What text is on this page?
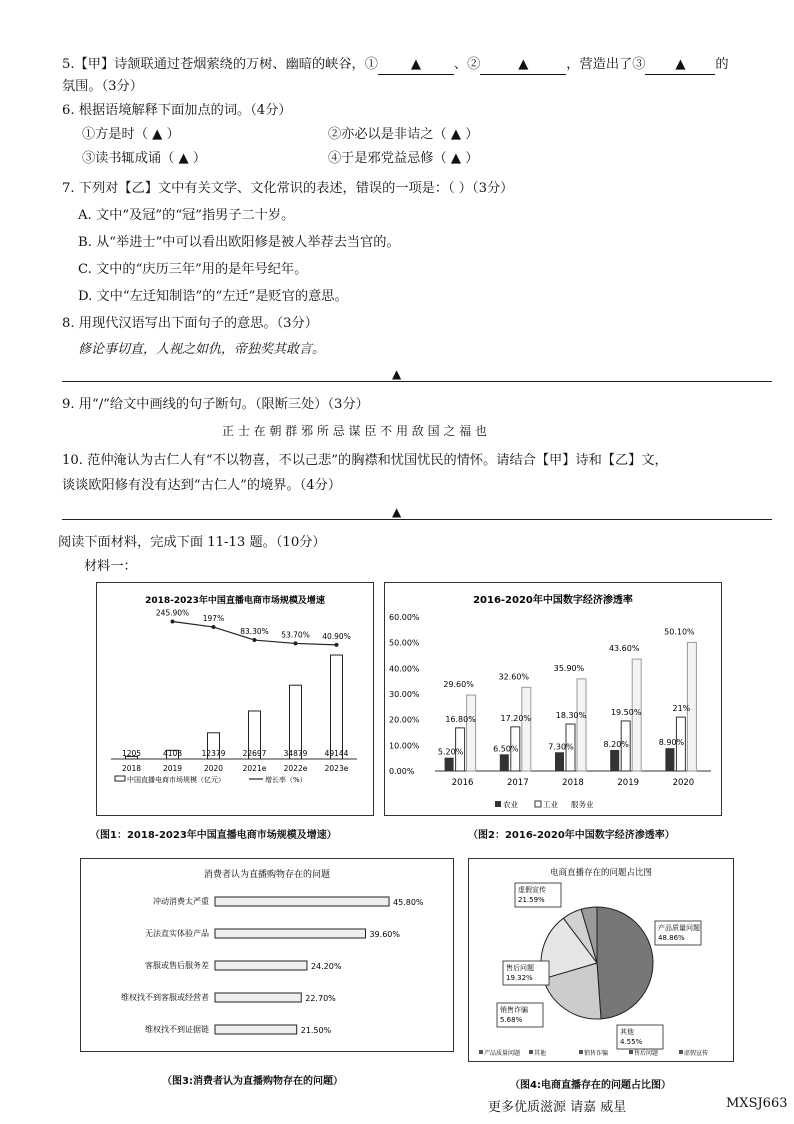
5.【甲】诗颔联通过苍烟萦绕的万树、幽暗的峡谷，① ▲ 、②	▲	，营造出了③ ▲ 的
氛围。（3分）
6. 根据语境解释下面加点的词。（4分）
①方是时（ ▲ ）	②亦必以是非诘之（ ▲ ）
③读书辄成诵（ ▲ ）	④于是邪党益忌修（ ▲ ）
7. 下列对【乙】文中有关文学、文化常识的表述，错误的一项是：（ ）（3分）
A. 文中“及冠”的“冠”指男子二十岁。
B. 从“举进士”中可以看出欧阳修是被人举荐去当官的。
C. 文中的“庆历三年”用的是年号纪年。
D. 文中“左迁知制诰”的“左迁”是贬官的意思。
8. 用现代汉语写出下面句子的意思。（3分）
修论事切直，人视之如仇，帝独奖其敢言。
▲
9. 用“/”给文中画线的句子断句。（限断三处）（3分）
正 士 在 朝 群 邪 所 忌 谋 臣 不 用 敌 国 之 福 也
10. 范仲淹认为古仁人有“不以物喜，不以己悲”的胸襟和忧国忧民的情怀。请结合【甲】诗和【乙】文，
谈谈欧阳修有没有达到“古仁人”的境界。（4分）
▲
阅读下面材料，完成下面 11-13 题。（10分）
材料一：
2018-2023年中国直播电商市场规模及增速
1205
2018
4108
2019
12379
2020
22697
2021e
34879
2022e
49144
2023e
245.90%
197%
83.30% 53.70% 40.90%
中国直播电商市场规模（亿元）	增长率（%）
（图1：2018-2023年中国直播电商市场规模及增速）
2016-2020年中国数字经济渗透率
0.00%
10.00%
20.00%
30.00%
40.00%
50.00%
60.00%
5.20%
16.80%
29.60%
2016
6.50%
17.20%
32.60%
2017
7.30%
18.30%
35.90%
2018
8.20%
19.50%
43.60%
2019
8.90%
21%
50.10%
2020
农业	工业 服务业
（图2：2016-2020年中国数字经济渗透率）
消费者认为直播购物存在的问题
冲动消费太严重	45.80%
无法直实体验产品	39.60%
客服或售后服务差	24.20%
维权找不到客服或经营者	22.70%
维权找不到证据链	21.50%
（图3:消费者认为直播购物存在的问题）
电商直播存在的问题占比图
产品质量问题
48.86%
虚假宣传
21.59%
售后问题
19.32%
销售诈骗
5.68%
其他
4.55%
产品质量问题 其他	销售诈骗	售后问题	虚假宣传
（图4:电商直播存在的问题占比图）
更多优质滋源 请嘉 威星	MXSJ663
